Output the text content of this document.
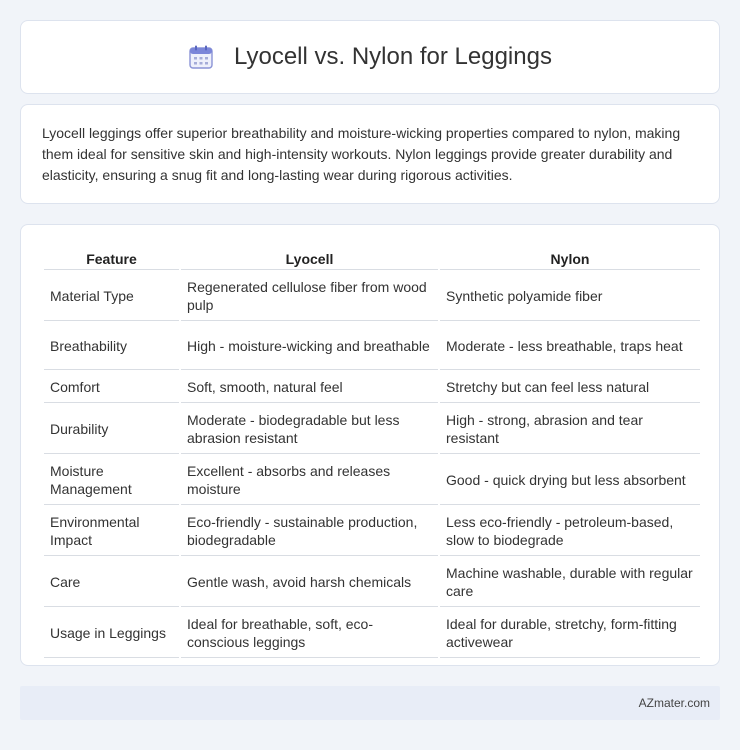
Lyocell vs. Nylon for Leggings

Lyocell leggings offer superior breathability and moisture-wicking properties compared to nylon, making them ideal for sensitive skin and high-intensity workouts. Nylon leggings provide greater durability and elasticity, ensuring a snug fit and long-lasting wear during rigorous activities.

Feature	Lyocell	Nylon
Material Type	Regenerated cellulose fiber from wood pulp	Synthetic polyamide fiber
Breathability	High - moisture-wicking and breathable	Moderate - less breathable, traps heat
Comfort	Soft, smooth, natural feel	Stretchy but can feel less natural
Durability	Moderate - biodegradable but less abrasion resistant	High - strong, abrasion and tear resistant
Moisture Management	Excellent - absorbs and releases moisture	Good - quick drying but less absorbent
Environmental Impact	Eco-friendly - sustainable production, biodegradable	Less eco-friendly - petroleum-based, slow to biodegrade
Care	Gentle wash, avoid harsh chemicals	Machine washable, durable with regular care
Usage in Leggings	Ideal for breathable, soft, eco-conscious leggings	Ideal for durable, stretchy, form-fitting activewear
AZmater.com
